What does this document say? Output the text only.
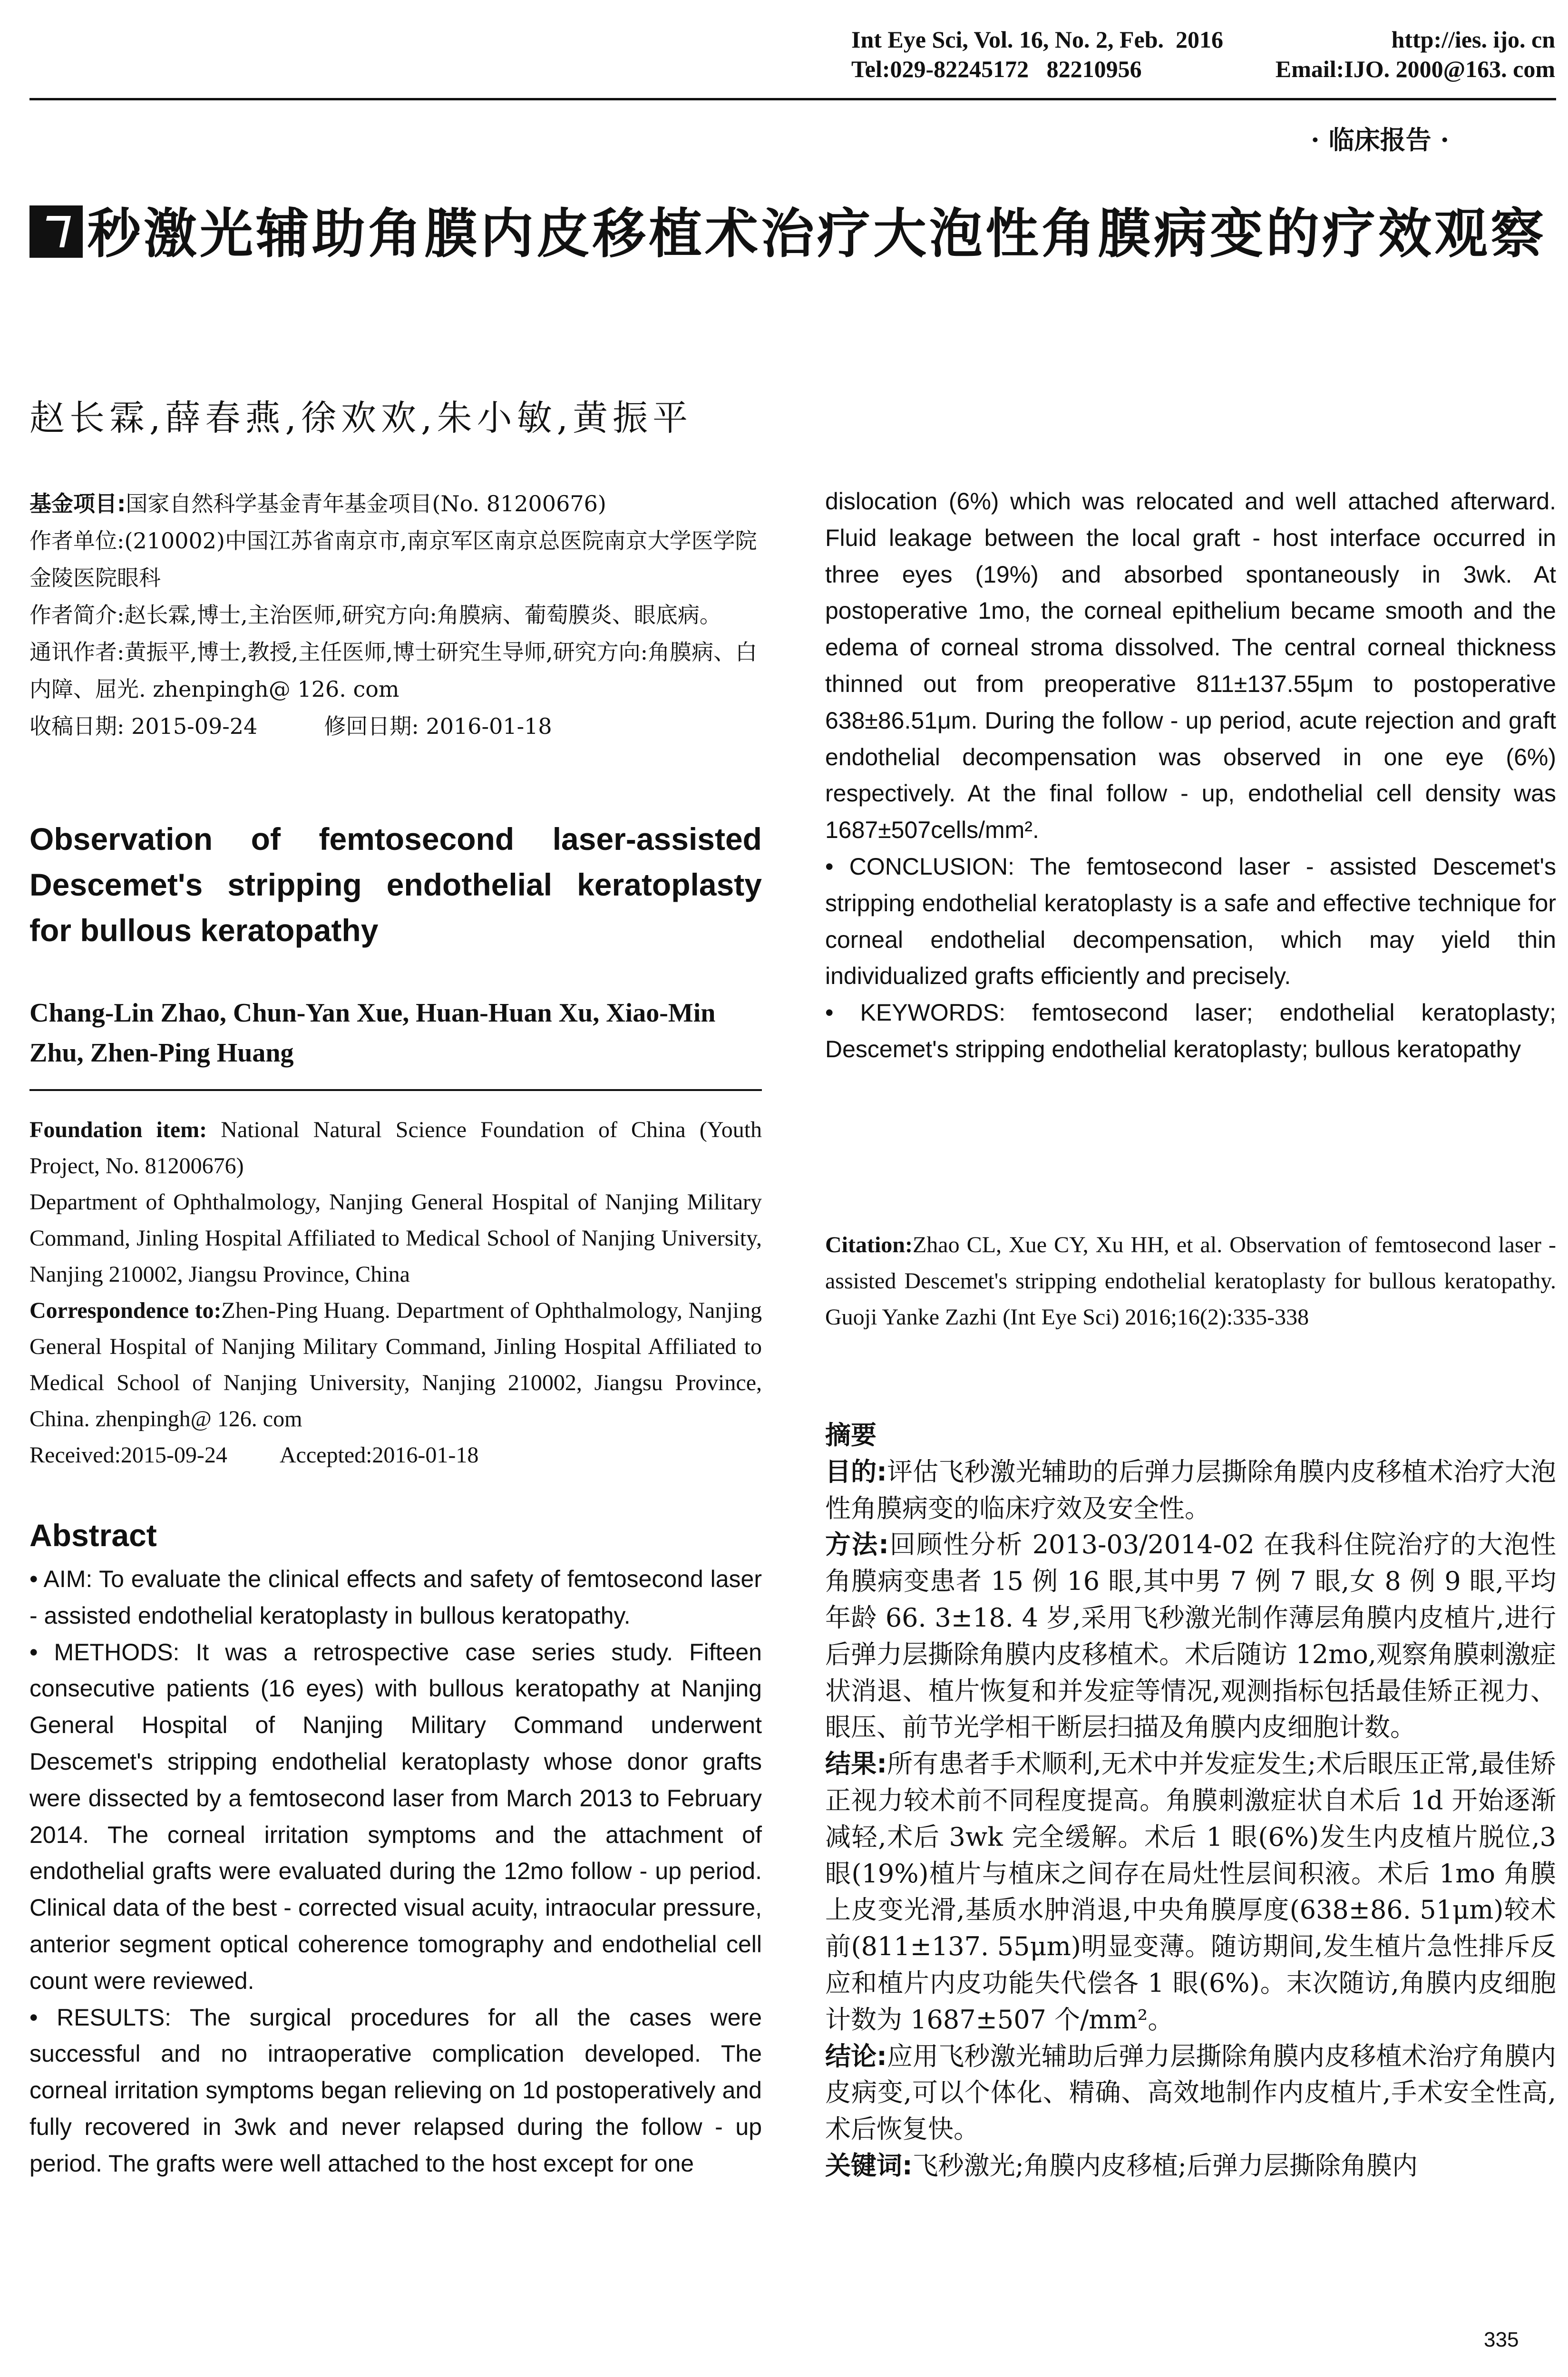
Int Eye Sci, Vol. 16, No. 2, Feb.  2016	http://ies. ijo. cn
Tel:029-82245172   82210956	Email:IJO. 2000@163. com
· 临床报告 ·
秒激光辅助角膜内皮移植术治疗大泡性角膜病变的疗效观察
赵长霖,薛春燕,徐欢欢,朱小敏,黄振平
基金项目:国家自然科学基金青年基金项目(No. 81200676)
作者单位:(210002)中国江苏省南京市,南京军区南京总医院南京大学医学院金陵医院眼科
作者简介:赵长霖,博士,主治医师,研究方向:角膜病、葡萄膜炎、眼底病。
通讯作者:黄振平,博士,教授,主任医师,博士研究生导师,研究方向:角膜病、白内障、屈光. zhenpingh@ 126. com
收稿日期: 2015-09-24	修回日期: 2016-01-18
Observation of femtosecond laser-assisted Descemet's stripping endothelial keratoplasty for bullous keratopathy
Chang-Lin Zhao, Chun-Yan Xue, Huan-Huan Xu, Xiao-Min Zhu, Zhen-Ping Huang
Foundation item: National Natural Science Foundation of China (Youth Project, No. 81200676)
Department of Ophthalmology, Nanjing General Hospital of Nanjing Military Command, Jinling Hospital Affiliated to Medical School of Nanjing University, Nanjing 210002, Jiangsu Province, China
Correspondence to:Zhen-Ping Huang. Department of Ophthalmology, Nanjing General Hospital of Nanjing Military Command, Jinling Hospital Affiliated to Medical School of Nanjing University, Nanjing 210002, Jiangsu Province, China. zhenpingh@ 126. com
Received:2015-09-24 Accepted:2016-01-18
Abstract

• AIM: To evaluate the clinical effects and safety of femtosecond laser - assisted endothelial keratoplasty in bullous keratopathy.

• METHODS: It was a retrospective case series study. Fifteen consecutive patients (16 eyes) with bullous keratopathy at Nanjing General Hospital of Nanjing Military Command underwent Descemet's stripping endothelial keratoplasty whose donor grafts were dissected by a femtosecond laser from March 2013 to February 2014. The corneal irritation symptoms and the attachment of endothelial grafts were evaluated during the 12mo follow - up period. Clinical data of the best - corrected visual acuity, intraocular pressure, anterior segment optical coherence tomography and endothelial cell count were reviewed.

• RESULTS: The surgical procedures for all the cases were successful and no intraoperative complication developed. The corneal irritation symptoms began relieving on 1d postoperatively and fully recovered in 3wk and never relapsed during the follow - up period. The grafts were well attached to the host except for one

dislocation (6%) which was relocated and well attached afterward. Fluid leakage between the local graft - host interface occurred in three eyes (19%) and absorbed spontaneously in 3wk. At postoperative 1mo, the corneal epithelium became smooth and the edema of corneal stroma dissolved. The central corneal thickness thinned out from preoperative 811±137.55μm to postoperative 638±86.51μm. During the follow - up period, acute rejection and graft endothelial decompensation was observed in one eye (6%) respectively. At the final follow - up, endothelial cell density was 1687±507cells/mm².

• CONCLUSION: The femtosecond laser - assisted Descemet's stripping endothelial keratoplasty is a safe and effective technique for corneal endothelial decompensation, which may yield thin individualized grafts efficiently and precisely.

• KEYWORDS: femtosecond laser; endothelial keratoplasty; Descemet's stripping endothelial keratoplasty; bullous keratopathy

Citation:Zhao CL, Xue CY, Xu HH, et al. Observation of femtosecond laser - assisted Descemet's stripping endothelial keratoplasty for bullous keratopathy. Guoji Yanke Zazhi (Int Eye Sci) 2016;16(2):335-338
摘要

目的:评估飞秒激光辅助的后弹力层撕除角膜内皮移植术治疗大泡性角膜病变的临床疗效及安全性。

方法:回顾性分析 2013-03/2014-02 在我科住院治疗的大泡性角膜病变患者 15 例 16 眼,其中男 7 例 7 眼,女 8 例 9 眼,平均年龄 66. 3±18. 4 岁,采用飞秒激光制作薄层角膜内皮植片,进行后弹力层撕除角膜内皮移植术。术后随访 12mo,观察角膜刺激症状消退、植片恢复和并发症等情况,观测指标包括最佳矫正视力、眼压、前节光学相干断层扫描及角膜内皮细胞计数。

结果:所有患者手术顺利,无术中并发症发生;术后眼压正常,最佳矫正视力较术前不同程度提高。角膜刺激症状自术后 1d 开始逐渐减轻,术后 3wk 完全缓解。术后 1 眼(6%)发生内皮植片脱位,3 眼(19%)植片与植床之间存在局灶性层间积液。术后 1mo 角膜上皮变光滑,基质水肿消退,中央角膜厚度(638±86. 51μm)较术前(811±137. 55μm)明显变薄。随访期间,发生植片急性排斥反应和植片内皮功能失代偿各 1 眼(6%)。末次随访,角膜内皮细胞计数为 1687±507 个/mm²。

结论:应用飞秒激光辅助后弹力层撕除角膜内皮移植术治疗角膜内皮病变,可以个体化、精确、高效地制作内皮植片,手术安全性高,术后恢复快。

关键词:飞秒激光;角膜内皮移植;后弹力层撕除角膜内

335
